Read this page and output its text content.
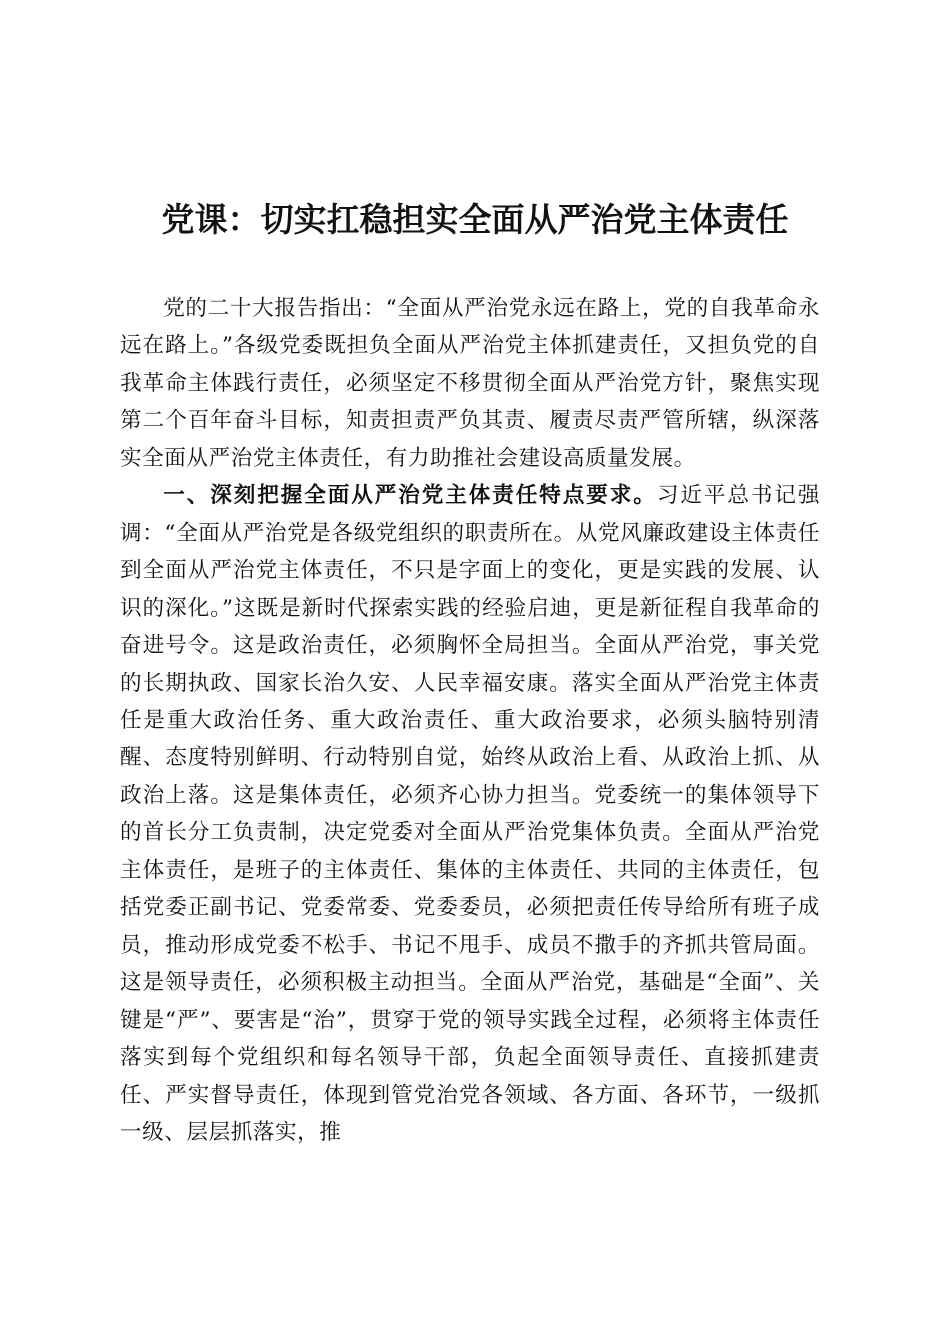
党课：切实扛稳担实全面从严治党主体责任

党的二十大报告指出：“全面从严治党永远在路上，党的自我革命永远在路上。”各级党委既担负全面从严治党主体抓建责任，又担负党的自我革命主体践行责任，必须坚定不移贯彻全面从严治党方针，聚焦实现第二个百年奋斗目标，知责担责严负其责、履责尽责严管所辖，纵深落实全面从严治党主体责任，有力助推社会建设高质量发展。

一、深刻把握全面从严治党主体责任特点要求。习近平总书记强调：“全面从严治党是各级党组织的职责所在。从党风廉政建设主体责任到全面从严治党主体责任，不只是字面上的变化，更是实践的发展、认识的深化。”这既是新时代探索实践的经验启迪，更是新征程自我革命的奋进号令。这是政治责任，必须胸怀全局担当。全面从严治党，事关党的长期执政、国家长治久安、人民幸福安康。落实全面从严治党主体责任是重大政治任务、重大政治责任、重大政治要求，必须头脑特别清醒、态度特别鲜明、行动特别自觉，始终从政治上看、从政治上抓、从政治上落。这是集体责任，必须齐心协力担当。党委统一的集体领导下的首长分工负责制，决定党委对全面从严治党集体负责。全面从严治党主体责任，是班子的主体责任、集体的主体责任、共同的主体责任，包括党委正副书记、党委常委、党委委员，必须把责任传导给所有班子成员，推动形成党委不松手、书记不甩手、成员不撒手的齐抓共管局面。这是领导责任，必须积极主动担当。全面从严治党，基础是“全面”、关键是“严”、要害是“治”，贯穿于党的领导实践全过程，必须将主体责任落实到每个党组织和每名领导干部，负起全面领导责任、直接抓建责任、严实督导责任，体现到管党治党各领域、各方面、各环节，一级抓一级、层层抓落实，推
